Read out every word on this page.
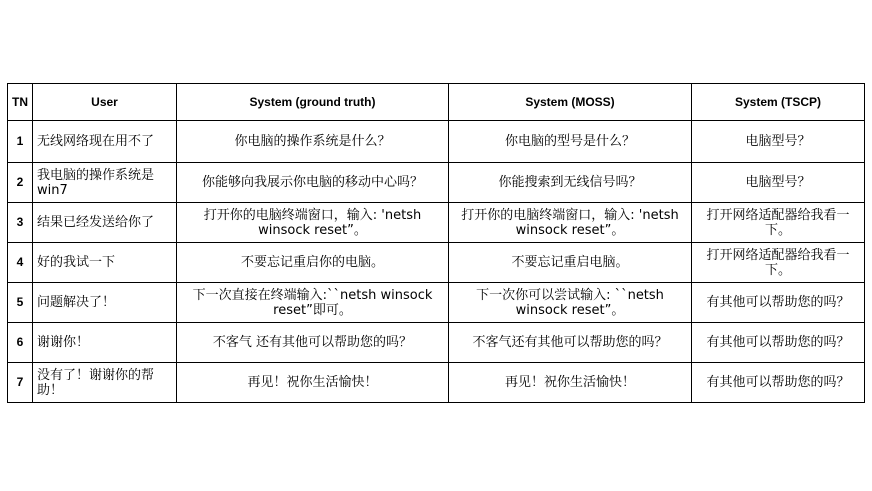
TN	User	System (ground truth)	System (MOSS)	System (TSCP)
1	无线网络现在用不了	你电脑的操作系统是什么？	你电脑的型号是什么？	电脑型号？
2	我电脑的操作系统是win7	你能够向我展示你电脑的移动中心吗？	你能搜索到无线信号吗？	电脑型号？
3	结果已经发送给你了	打开你的电脑终端窗口，输入: 'netsh winsock reset”。	打开你的电脑终端窗口，输入: 'netsh winsock reset”。	打开网络适配器给我看一下。
4	好的我试一下	不要忘记重启你的电脑。	不要忘记重启电脑。	打开网络适配器给我看一下。
5	问题解决了！	下一次直接在终端输入:``netsh winsock reset”即可。	下一次你可以尝试输入: ``netsh winsock reset”。	有其他可以帮助您的吗？
6	谢谢你！	不客气 还有其他可以帮助您的吗？	不客气还有其他可以帮助您的吗？	有其他可以帮助您的吗？
7	没有了！谢谢你的帮助！	再见！祝你生活愉快！	再见！祝你生活愉快！	有其他可以帮助您的吗？
